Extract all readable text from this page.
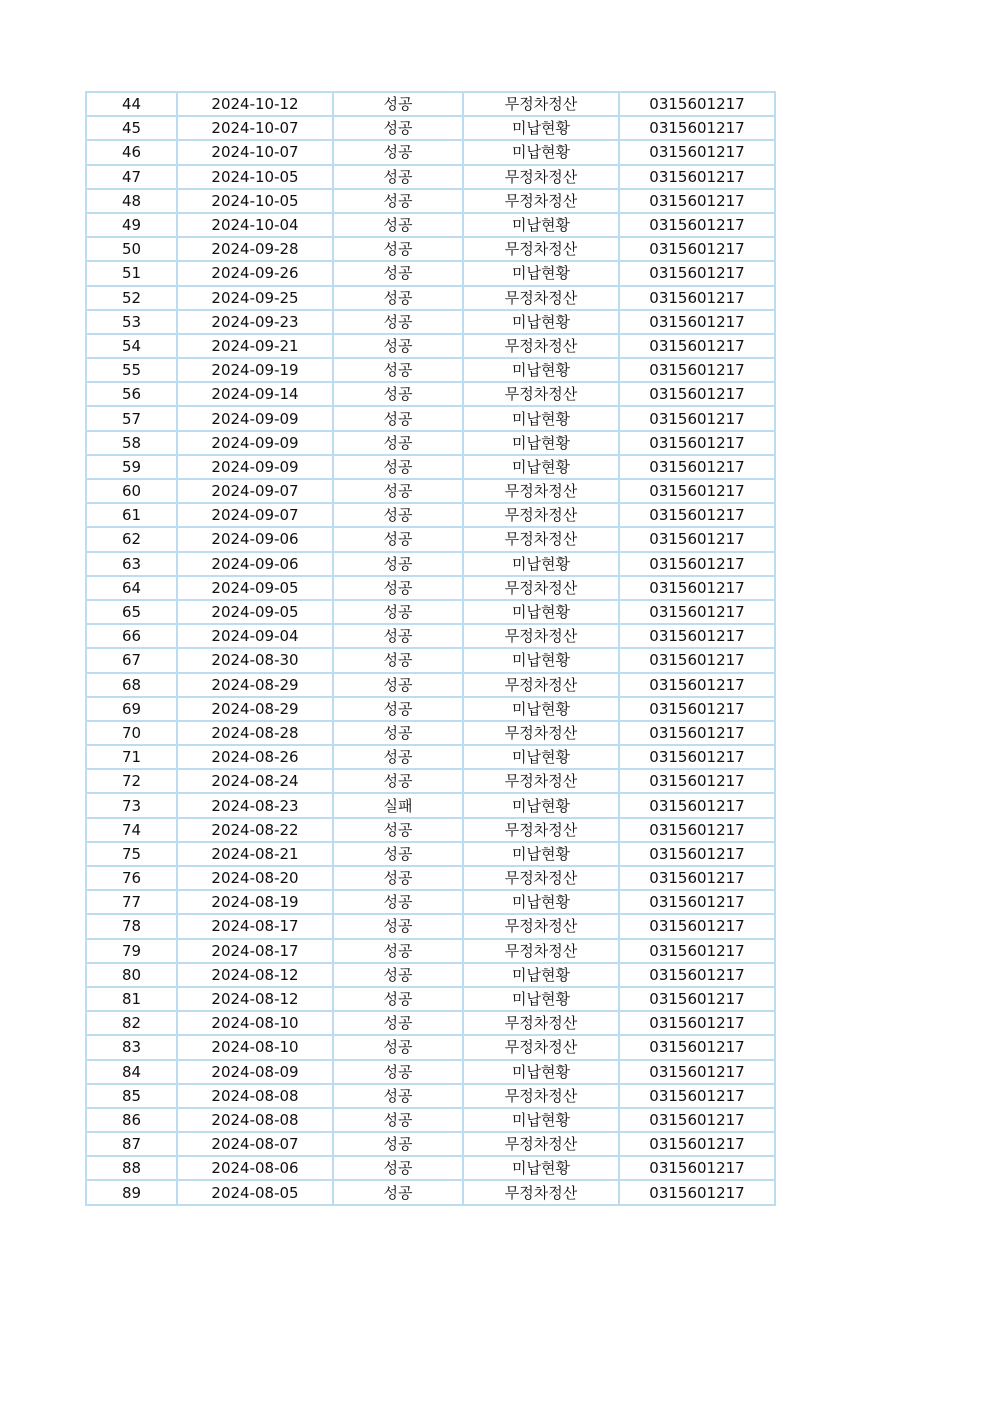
44	2024-10-12	성공	무정차정산	0315601217
45	2024-10-07	성공	미납현황	0315601217
46	2024-10-07	성공	미납현황	0315601217
47	2024-10-05	성공	무정차정산	0315601217
48	2024-10-05	성공	무정차정산	0315601217
49	2024-10-04	성공	미납현황	0315601217
50	2024-09-28	성공	무정차정산	0315601217
51	2024-09-26	성공	미납현황	0315601217
52	2024-09-25	성공	무정차정산	0315601217
53	2024-09-23	성공	미납현황	0315601217
54	2024-09-21	성공	무정차정산	0315601217
55	2024-09-19	성공	미납현황	0315601217
56	2024-09-14	성공	무정차정산	0315601217
57	2024-09-09	성공	미납현황	0315601217
58	2024-09-09	성공	미납현황	0315601217
59	2024-09-09	성공	미납현황	0315601217
60	2024-09-07	성공	무정차정산	0315601217
61	2024-09-07	성공	무정차정산	0315601217
62	2024-09-06	성공	무정차정산	0315601217
63	2024-09-06	성공	미납현황	0315601217
64	2024-09-05	성공	무정차정산	0315601217
65	2024-09-05	성공	미납현황	0315601217
66	2024-09-04	성공	무정차정산	0315601217
67	2024-08-30	성공	미납현황	0315601217
68	2024-08-29	성공	무정차정산	0315601217
69	2024-08-29	성공	미납현황	0315601217
70	2024-08-28	성공	무정차정산	0315601217
71	2024-08-26	성공	미납현황	0315601217
72	2024-08-24	성공	무정차정산	0315601217
73	2024-08-23	실패	미납현황	0315601217
74	2024-08-22	성공	무정차정산	0315601217
75	2024-08-21	성공	미납현황	0315601217
76	2024-08-20	성공	무정차정산	0315601217
77	2024-08-19	성공	미납현황	0315601217
78	2024-08-17	성공	무정차정산	0315601217
79	2024-08-17	성공	무정차정산	0315601217
80	2024-08-12	성공	미납현황	0315601217
81	2024-08-12	성공	미납현황	0315601217
82	2024-08-10	성공	무정차정산	0315601217
83	2024-08-10	성공	무정차정산	0315601217
84	2024-08-09	성공	미납현황	0315601217
85	2024-08-08	성공	무정차정산	0315601217
86	2024-08-08	성공	미납현황	0315601217
87	2024-08-07	성공	무정차정산	0315601217
88	2024-08-06	성공	미납현황	0315601217
89	2024-08-05	성공	무정차정산	0315601217
